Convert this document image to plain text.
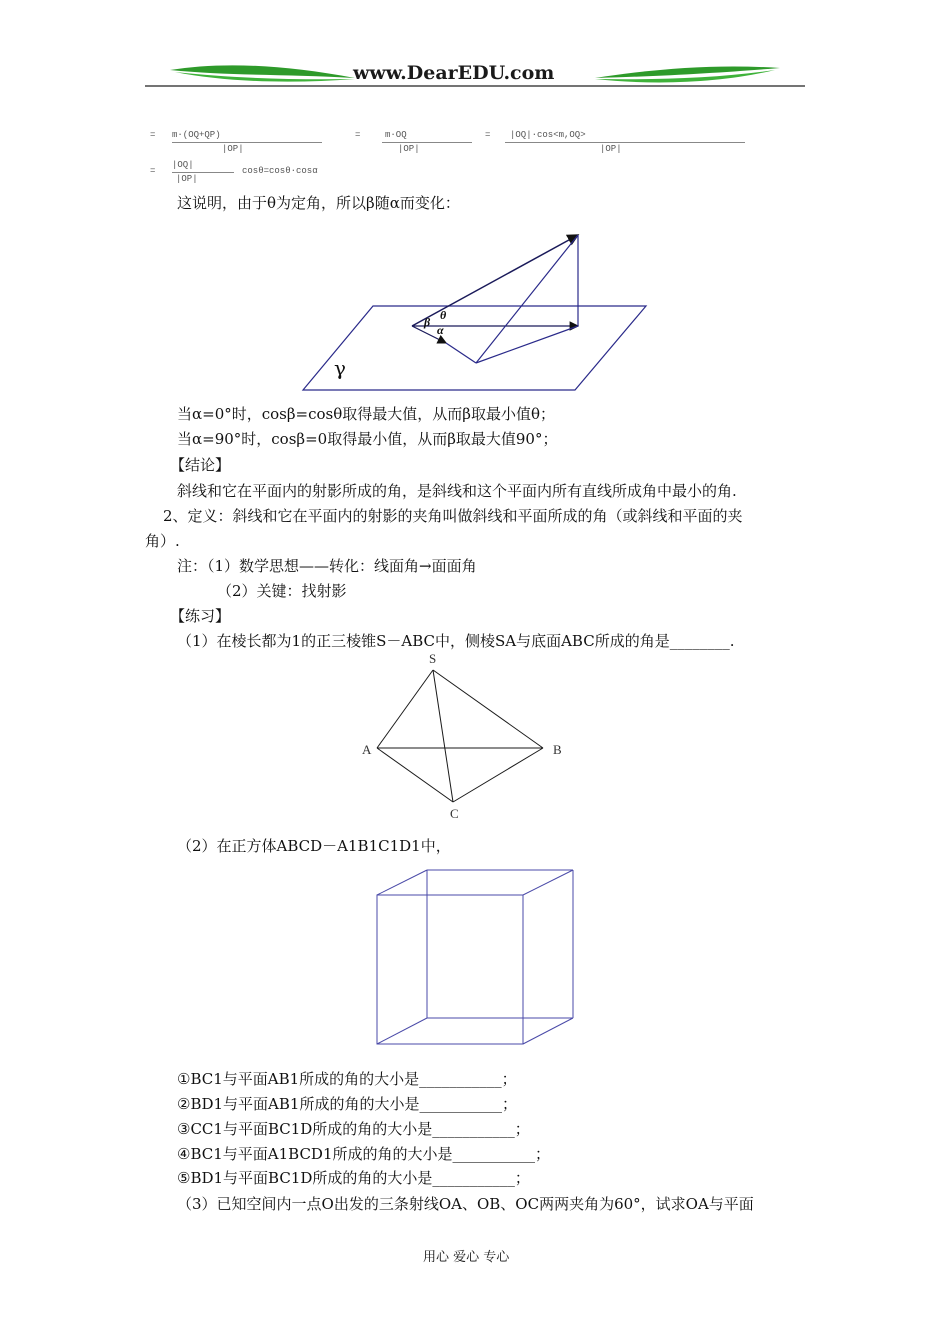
www.DearEDU.com
= m·(OQ+QP)
|OP|
=	m·OQ
|OP|
= |OQ|·cos<m,OQ>
|OP|
=
|OQ|
|OP|
cosθ=cosθ·cosα
这说明，由于θ为定角，所以β随α而变化：
γ
β θ
α
当α=0°时，cosβ=cosθ取得最大值，从而β取最小值θ；
当α=90°时，cosβ=0取得最小值，从而β取最大值90°；
【结论】
斜线和它在平面内的射影所成的角，是斜线和这个平面内所有直线所成角中最小的角.
2、定义：斜线和它在平面内的射影的夹角叫做斜线和平面所成的角（或斜线和平面的夹
角）.
注：（1）数学思想——转化：线面角→面面角
（2）关键：找射影
【练习】
（1）在棱长都为1的正三棱锥S－ABC中，侧棱SA与底面ABC所成的角是________.
S
A	B
C
（2）在正方体ABCD－A1B1C1D1中，
①BC1与平面AB1所成的角的大小是___________；
②BD1与平面AB1所成的角的大小是___________；
③CC1与平面BC1D所成的角的大小是___________；
④BC1与平面A1BCD1所成的角的大小是___________；
⑤BD1与平面BC1D所成的角的大小是___________；
（3）已知空间内一点O出发的三条射线OA、OB、OC两两夹角为60°，试求OA与平面
用心 爱心 专心
